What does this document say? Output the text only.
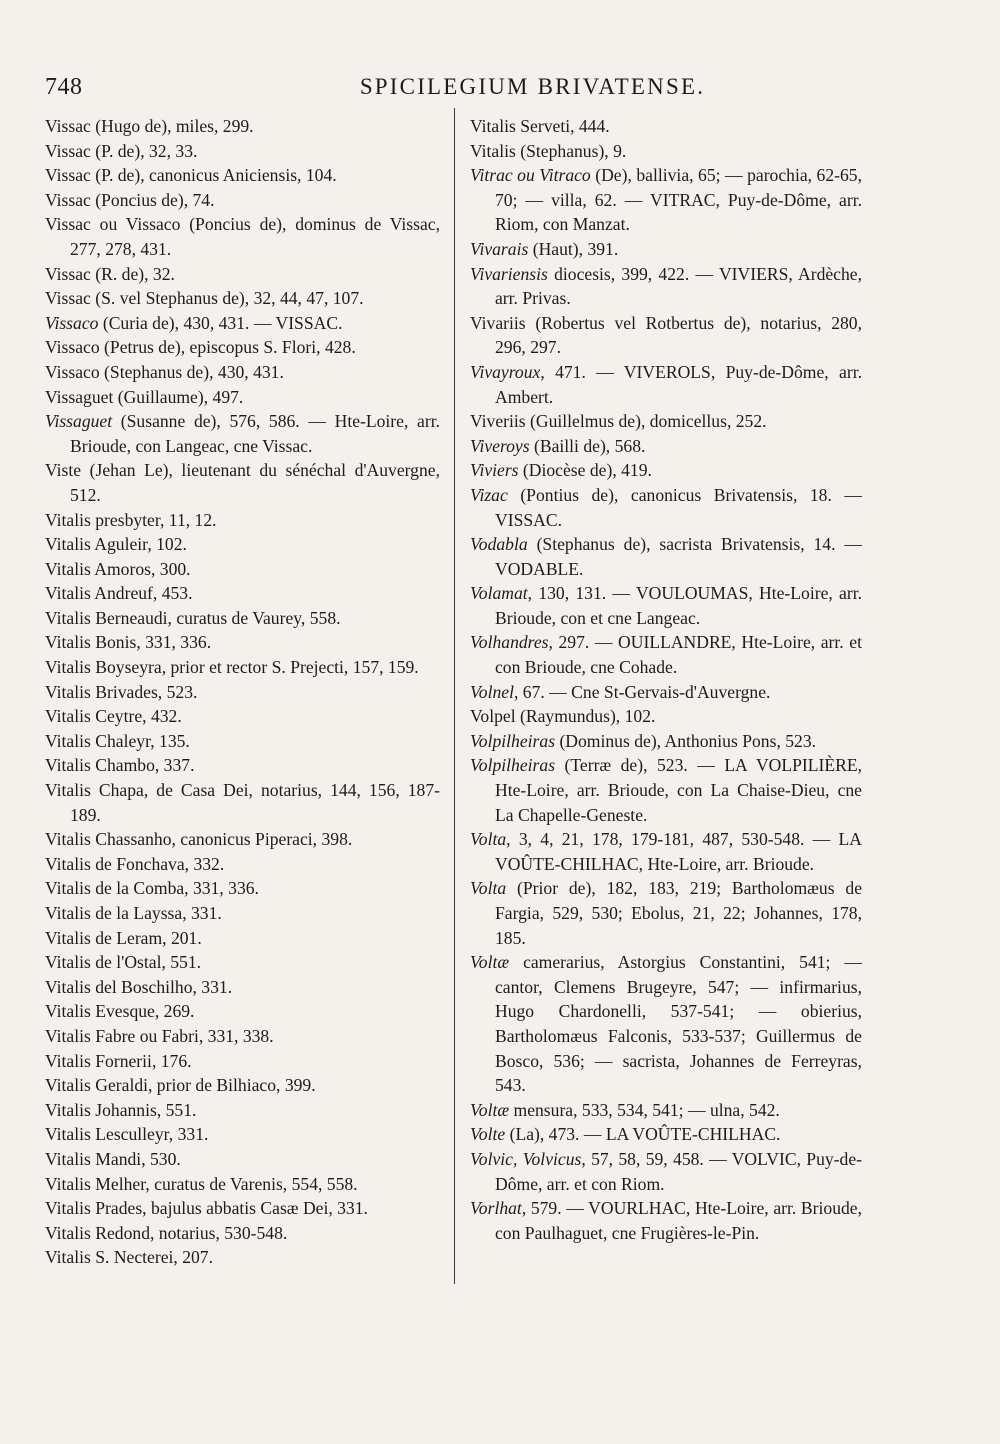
748	SPICILEGIUM BRIVATENSE.

Vissac (Hugo de), miles, 299.

Vissac (P. de), 32, 33.

Vissac (P. de), canonicus Aniciensis, 104.

Vissac (Poncius de), 74.

Vissac ou Vissaco (Poncius de), dominus de Vissac, 277, 278, 431.

Vissac (R. de), 32.

Vissac (S. vel Stephanus de), 32, 44, 47, 107.

Vissaco (Curia de), 430, 431. — VISSAC.

Vissaco (Petrus de), episcopus S. Flori, 428.

Vissaco (Stephanus de), 430, 431.

Vissaguet (Guillaume), 497.

Vissaguet (Susanne de), 576, 586. — Hte-Loire, arr. Brioude, con Langeac, cne Vissac.

Viste (Jehan Le), lieutenant du sénéchal d'Auvergne, 512.

Vitalis presbyter, 11, 12.

Vitalis Aguleir, 102.

Vitalis Amoros, 300.

Vitalis Andreuf, 453.

Vitalis Berneaudi, curatus de Vaurey, 558.

Vitalis Bonis, 331, 336.

Vitalis Boyseyra, prior et rector S. Prejecti, 157, 159.

Vitalis Brivades, 523.

Vitalis Ceytre, 432.

Vitalis Chaleyr, 135.

Vitalis Chambo, 337.

Vitalis Chapa, de Casa Dei, notarius, 144, 156, 187-189.

Vitalis Chassanho, canonicus Piperaci, 398.

Vitalis de Fonchava, 332.

Vitalis de la Comba, 331, 336.

Vitalis de la Layssa, 331.

Vitalis de Leram, 201.

Vitalis de l'Ostal, 551.

Vitalis del Boschilho, 331.

Vitalis Evesque, 269.

Vitalis Fabre ou Fabri, 331, 338.

Vitalis Fornerii, 176.

Vitalis Geraldi, prior de Bilhiaco, 399.

Vitalis Johannis, 551.

Vitalis Lesculleyr, 331.

Vitalis Mandi, 530.

Vitalis Melher, curatus de Varenis, 554, 558.

Vitalis Prades, bajulus abbatis Casæ Dei, 331.

Vitalis Redond, notarius, 530-548.

Vitalis S. Necterei, 207.

Vitalis Serveti, 444.

Vitalis (Stephanus), 9.

Vitrac ou Vitraco (De), ballivia, 65; — parochia, 62-65, 70; — villa, 62. — VITRAC, Puy-de-Dôme, arr. Riom, con Manzat.

Vivarais (Haut), 391.

Vivariensis diocesis, 399, 422. — VIVIERS, Ardèche, arr. Privas.

Vivariis (Robertus vel Rotbertus de), notarius, 280, 296, 297.

Vivayroux, 471. — VIVEROLS, Puy-de-Dôme, arr. Ambert.

Viveriis (Guillelmus de), domicellus, 252.

Viveroys (Bailli de), 568.

Viviers (Diocèse de), 419.

Vizac (Pontius de), canonicus Brivatensis, 18. — VISSAC.

Vodabla (Stephanus de), sacrista Brivatensis, 14. — VODABLE.

Volamat, 130, 131. — VOULOUMAS, Hte-Loire, arr. Brioude, con et cne Langeac.

Volhandres, 297. — OUILLANDRE, Hte-Loire, arr. et con Brioude, cne Cohade.

Volnel, 67. — Cne St-Gervais-d'Auvergne.

Volpel (Raymundus), 102.

Volpilheiras (Dominus de), Anthonius Pons, 523.

Volpilheiras (Terræ de), 523. — LA VOLPILIÈRE, Hte-Loire, arr. Brioude, con La Chaise-Dieu, cne La Chapelle-Geneste.

Volta, 3, 4, 21, 178, 179-181, 487, 530-548. — LA VOÛTE-CHILHAC, Hte-Loire, arr. Brioude.

Volta (Prior de), 182, 183, 219; Bartholomæus de Fargia, 529, 530; Ebolus, 21, 22; Johannes, 178, 185.

Voltæ camerarius, Astorgius Constantini, 541; — cantor, Clemens Brugeyre, 547; — infirmarius, Hugo Chardonelli, 537-541; — obierius, Bartholomæus Falconis, 533-537; Guillermus de Bosco, 536; — sacrista, Johannes de Ferreyras, 543.

Voltæ mensura, 533, 534, 541; — ulna, 542.

Volte (La), 473. — LA VOÛTE-CHILHAC.

Volvic, Volvicus, 57, 58, 59, 458. — VOLVIC, Puy-de-Dôme, arr. et con Riom.

Vorlhat, 579. — VOURLHAC, Hte-Loire, arr. Brioude, con Paulhaguet, cne Frugières-le-Pin.
